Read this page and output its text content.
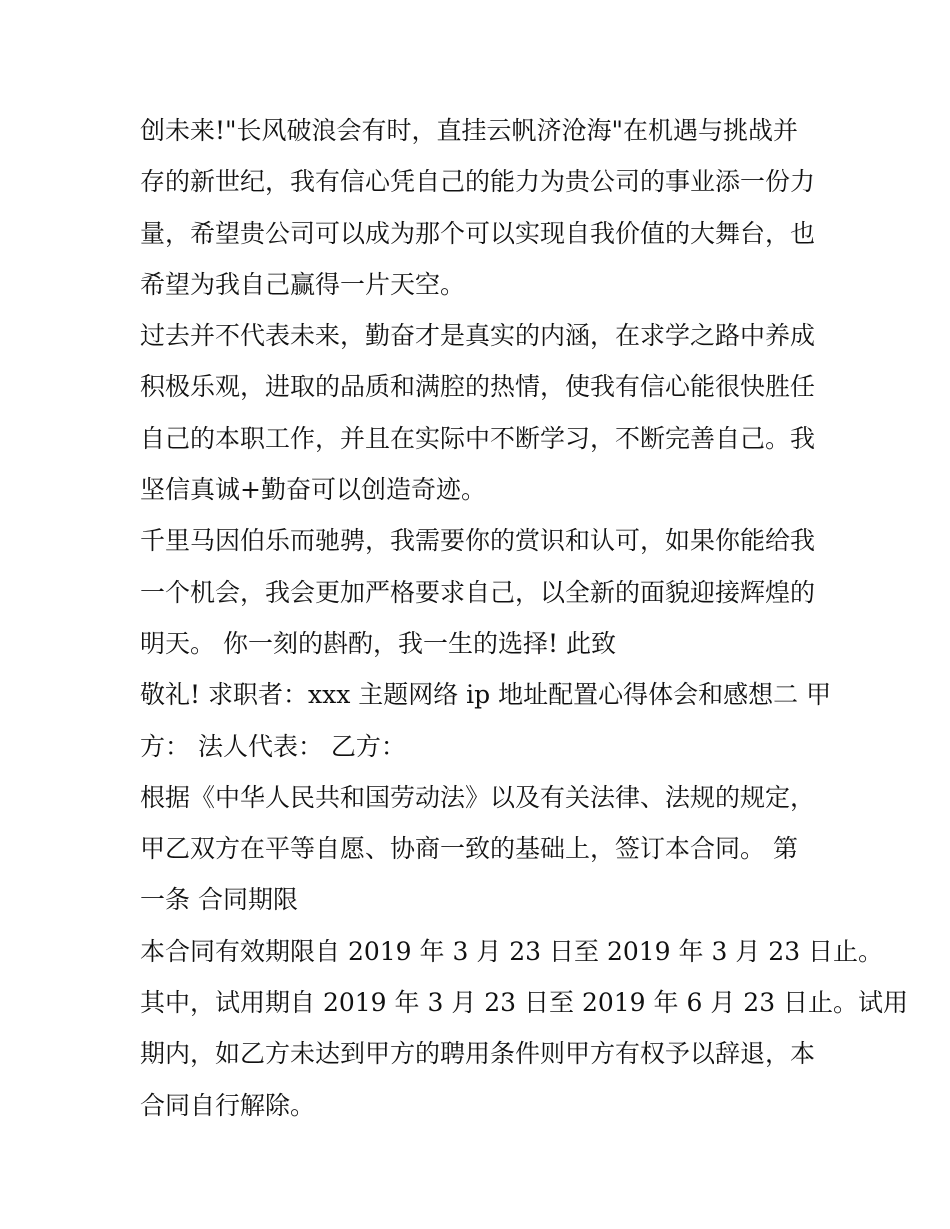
创未来!"长风破浪会有时，直挂云帆济沧海"在机遇与挑战并
存的新世纪，我有信心凭自己的能力为贵公司的事业添一份力
量，希望贵公司可以成为那个可以实现自我价值的大舞台，也
希望为我自己赢得一片天空。
过去并不代表未来，勤奋才是真实的内涵，在求学之路中养成
积极乐观，进取的品质和满腔的热情，使我有信心能很快胜任
自己的本职工作，并且在实际中不断学习，不断完善自己。我
坚信真诚+勤奋可以创造奇迹。
千里马因伯乐而驰骋，我需要你的赏识和认可，如果你能给我
一个机会，我会更加严格要求自己，以全新的面貌迎接辉煌的
明天。 你一刻的斟酌，我一生的选择! 此致
敬礼! 求职者：xxx 主题网络 ip 地址配置心得体会和感想二 甲
方： 法人代表： 乙方：
根据《中华人民共和国劳动法》以及有关法律、法规的规定，
甲乙双方在平等自愿、协商一致的基础上，签订本合同。 第
一条 合同期限
本合同有效期限自 2019 年 3 月 23 日至 2019 年 3 月 23 日止。
其中，试用期自 2019 年 3 月 23 日至 2019 年 6 月 23 日止。试用
期内，如乙方未达到甲方的聘用条件则甲方有权予以辞退，本
合同自行解除。
